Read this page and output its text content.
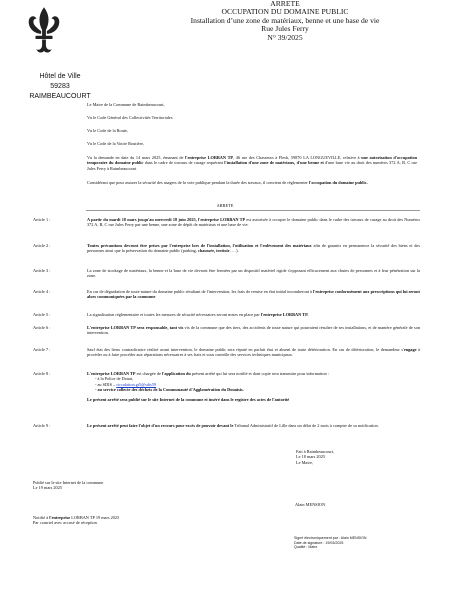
ARRETE
OCCUPATION DU DOMAINE PUBLIC
Installation d’une zone de matériaux, benne et une base de vie
Rue Jules Ferry
N° 39/2025
Hôtel de Ville
59283 RAIMBEAUCOURT
Le Maire de la Commune de Raimbeaucourt,
Vu le Code Général des Collectivités Territoriales
Vu le Code de la Route,
Vu le Code de la Voirie Routière,
Vu la demande en date du 14 mars 2025, émanant de l'entreprise LORBAN TP, 46 rue des Chasseurs à Flesh, 59870 LA LONGUEVILLE, relative à une autorisation d'occupation temporaire du domaine public dans le cadre de travaux de curage requérant l'installation d'une zone de matériaux, d'une benne et d'une base vie au droit des numéros 372 A, B, C rue Jules Ferry à Raimbeaucourt
Considérant que pour assurer la sécurité des usagers de la voie publique pendant la durée des travaux, il convient de réglementer l'occupation du domaine public.
ARRETE
Article 1 :	A partir du mardi 18 mars jusqu'au mercredi 18 juin 2025, l'entreprise LORBAN TP est autorisée à occuper le domaine public dans le cadre des travaux de curage au droit des Numéros 372 A, B, C rue Jules Ferry par une benne, une zone de dépôt de matériaux et une base de vie.
Article 2 :	Toutes précautions devront être prises par l'entreprise lors de l'installation, l'utilisation et l'enlèvement des matériaux afin de garantir en permanence la sécurité des biens et des personnes ainsi que la préservation du domaine public (parking, chaussée, trottoir, …).
Article 3 :	La zone de stockage de matériaux, la benne et la base de vie devront être fermées par un dispositif matériel rigide s'opposant efficacement aux chutes de personnes et à leur pénétration sur la zone.
Article 4 :	En cas de dégradation de toute nature du domaine public résultant de l'intervention, les frais de remise en état initial incomberont à l'entreprise conformément aux prescriptions qui lui seront alors communiquées par la commune
Article 5 :	La signalisation réglementaire et toutes les mesures de sécurité nécessaires seront mises en place par l'entreprise LORBAN TP.
Article 6 :	L'entreprise LORBAN TP sera responsable, tant vis vis de la commune que des tiers, des accidents de toute nature qui pourraient résulter de ses installations, et de manière générale de son intervention.
Article 7 :	Sauf état des lieux contradictoire réalisé avant intervention, le domaine public sera réputé en parfait état et absent de toute détérioration. En cas de détérioration, le demandeur s'engage à procéder ou à faire procéder aux réparations nécessaires à ses frais et sous contrôle des services techniques municipaux.
Article 8 :	L'entreprise LORBAN TP est chargée de l'application du présent arrêté qui lui sera notifié et dont copie sera transmise pour information :
- à la Police de Douai,
- au SDIS – circulation.gt5@sdis59
- au service collecte des déchets de la Communauté d'Agglomération du Douaisis.
Le présent arrêté sera publié sur le site Internet de la commune et inséré dans le registre des actes de l'autorité
Article 9 :	Le présent arrêté peut faire l'objet d'un recours pour excès de pouvoir devant le Tribunal Administratif de Lille dans un délai de 2 mois à compter de sa notification.
Fait à Raimbeaucourt,
Le 18 mars 2025
Le Maire,
Publié sur le site Internet de la commune
Le 19 mars 2025
Alain MENSION
Notifié à l'entreprise LORBAN TP 19 mars 2025
Par courriel avec accusé de réception
Signé électroniquement par : Alain MENSION
Date de signature : 19/03/2025
Qualité : Maire
